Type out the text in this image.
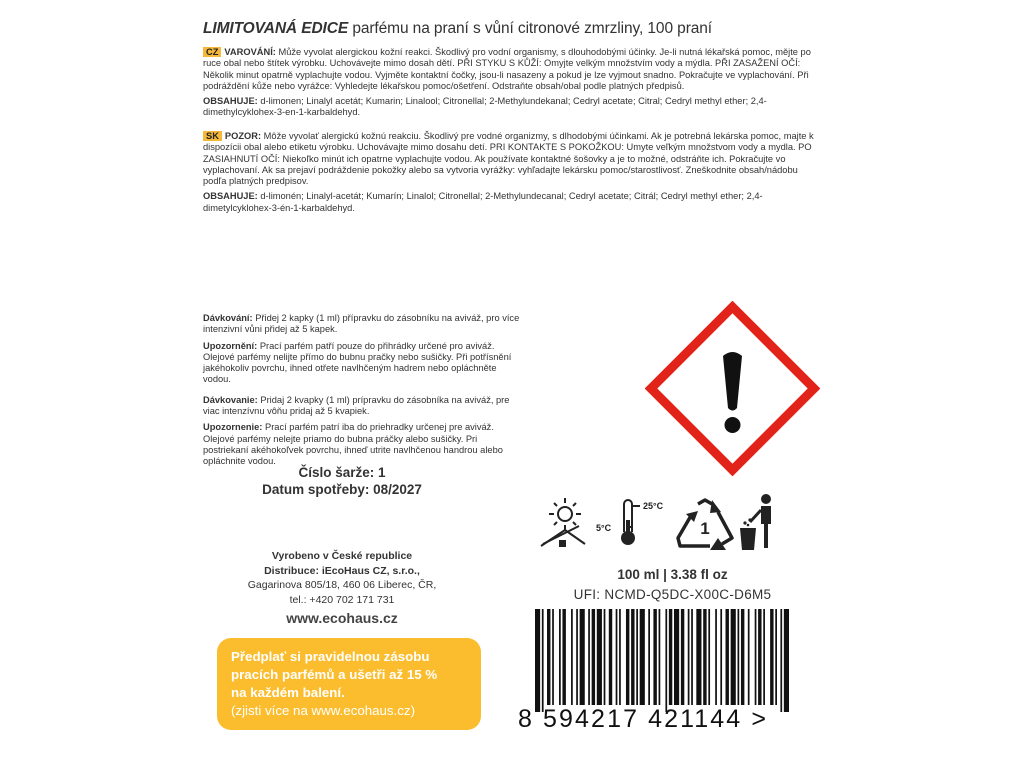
LIMITOVANÁ EDICE parfému na praní s vůní citronové zmrzliny, 100 praní

CZ VAROVÁNÍ: Může vyvolat alergickou kožní reakci. Škodlivý pro vodní organismy, s dlouhodobými účinky. Je-li nutná lékařská pomoc, mějte po ruce obal nebo štítek výrobku. Uchovávejte mimo dosah dětí. PŘI STYKU S KŮŽÍ: Omyjte velkým množstvím vody a mýdla. PŘI ZASAŽENÍ OČÍ: Několik minut opatrně vyplachujte vodou. Vyjměte kontaktní čočky, jsou-li nasazeny a pokud je lze vyjmout snadno. Pokračujte ve vyplachování. Při podráždění kůže nebo vyrážce: Vyhledejte lékařskou pomoc/ošetření. Odstraňte obsah/obal podle platných předpisů.

OBSAHUJE: d-limonen; Linalyl acetát; Kumarin; Linalool; Citronellal; 2-Methylundekanal; Cedryl acetate; Citral; Cedryl methyl ether; 2,4-dimethylcyklohex-3-en-1-karbaldehyd.

SK POZOR: Môže vyvolať alergickú kožnú reakciu. Škodlivý pre vodné organizmy, s dlhodobými účinkami. Ak je potrebná lekárska pomoc, majte k dispozícii obal alebo etiketu výrobku. Uchovávajte mimo dosahu detí. PRI KONTAKTE S POKOŽKOU: Umyte veľkým množstvom vody a mydla. PO ZASIAHNUTÍ OČÍ: Niekoľko minút ich opatrne vyplachujte vodou. Ak používate kontaktné šošovky a je to možné, odstráňte ich. Pokračujte vo vyplachovaní. Ak sa prejaví podráždenie pokožky alebo sa vytvoria vyrážky: vyhľadajte lekársku pomoc/starostlivosť. Zneškodnite obsah/nádobu podľa platných predpisov.

OBSAHUJE: d-limonén; Linalyl-acetát; Kumarín; Linalol; Citronellal; 2-Methylundecanal; Cedryl acetate; Citrál; Cedryl methyl ether; 2,4-dimetylcyklohex-3-én-1-karbaldehyd.

Dávkování: Přidej 2 kapky (1 ml) přípravku do zásobníku na aviváž, pro více intenzivní vůni přidej až 5 kapek.

Upozornění: Prací parfém patří pouze do přihrádky určené pro aviváž. Olejové parfémy nelijte přímo do bubnu pračky nebo sušičky. Při potřísnění jakéhokoliv povrchu, ihned otřete navlhčeným hadrem nebo opláchněte vodou.

Dávkovanie: Pridaj 2 kvapky (1 ml) prípravku do zásobníka na aviváž, pre viac intenzívnu vôňu pridaj až 5 kvapiek.

Upozornenie: Prací parfém patrí iba do priehradky určenej pre aviváž. Olejové parfémy nelejte priamo do bubna práčky alebo sušičky. Pri postriekaní akéhokoľvek povrchu, ihneď utrite navlhčenou handrou alebo opláchnite vodou.

Číslo šarže: 1
Datum spotřeby: 08/2027
Vyrobeno v České republice
Distribuce: iEcoHaus CZ, s.r.o.,
Gagarinova 805/18, 460 06 Liberec, ČR,
tel.: +420 702 171 731
www.ecohaus.cz
Předplať si pravidelnou zásobu
pracích parfémů a ušetři až 15 %
na každém balení.
(zjisti více na www.ecohaus.cz)
25°C
5°C	1
100 ml | 3.38 fl oz
UFI: NCMD-Q5DC-X00C-D6M5
8 594217 421144 >
